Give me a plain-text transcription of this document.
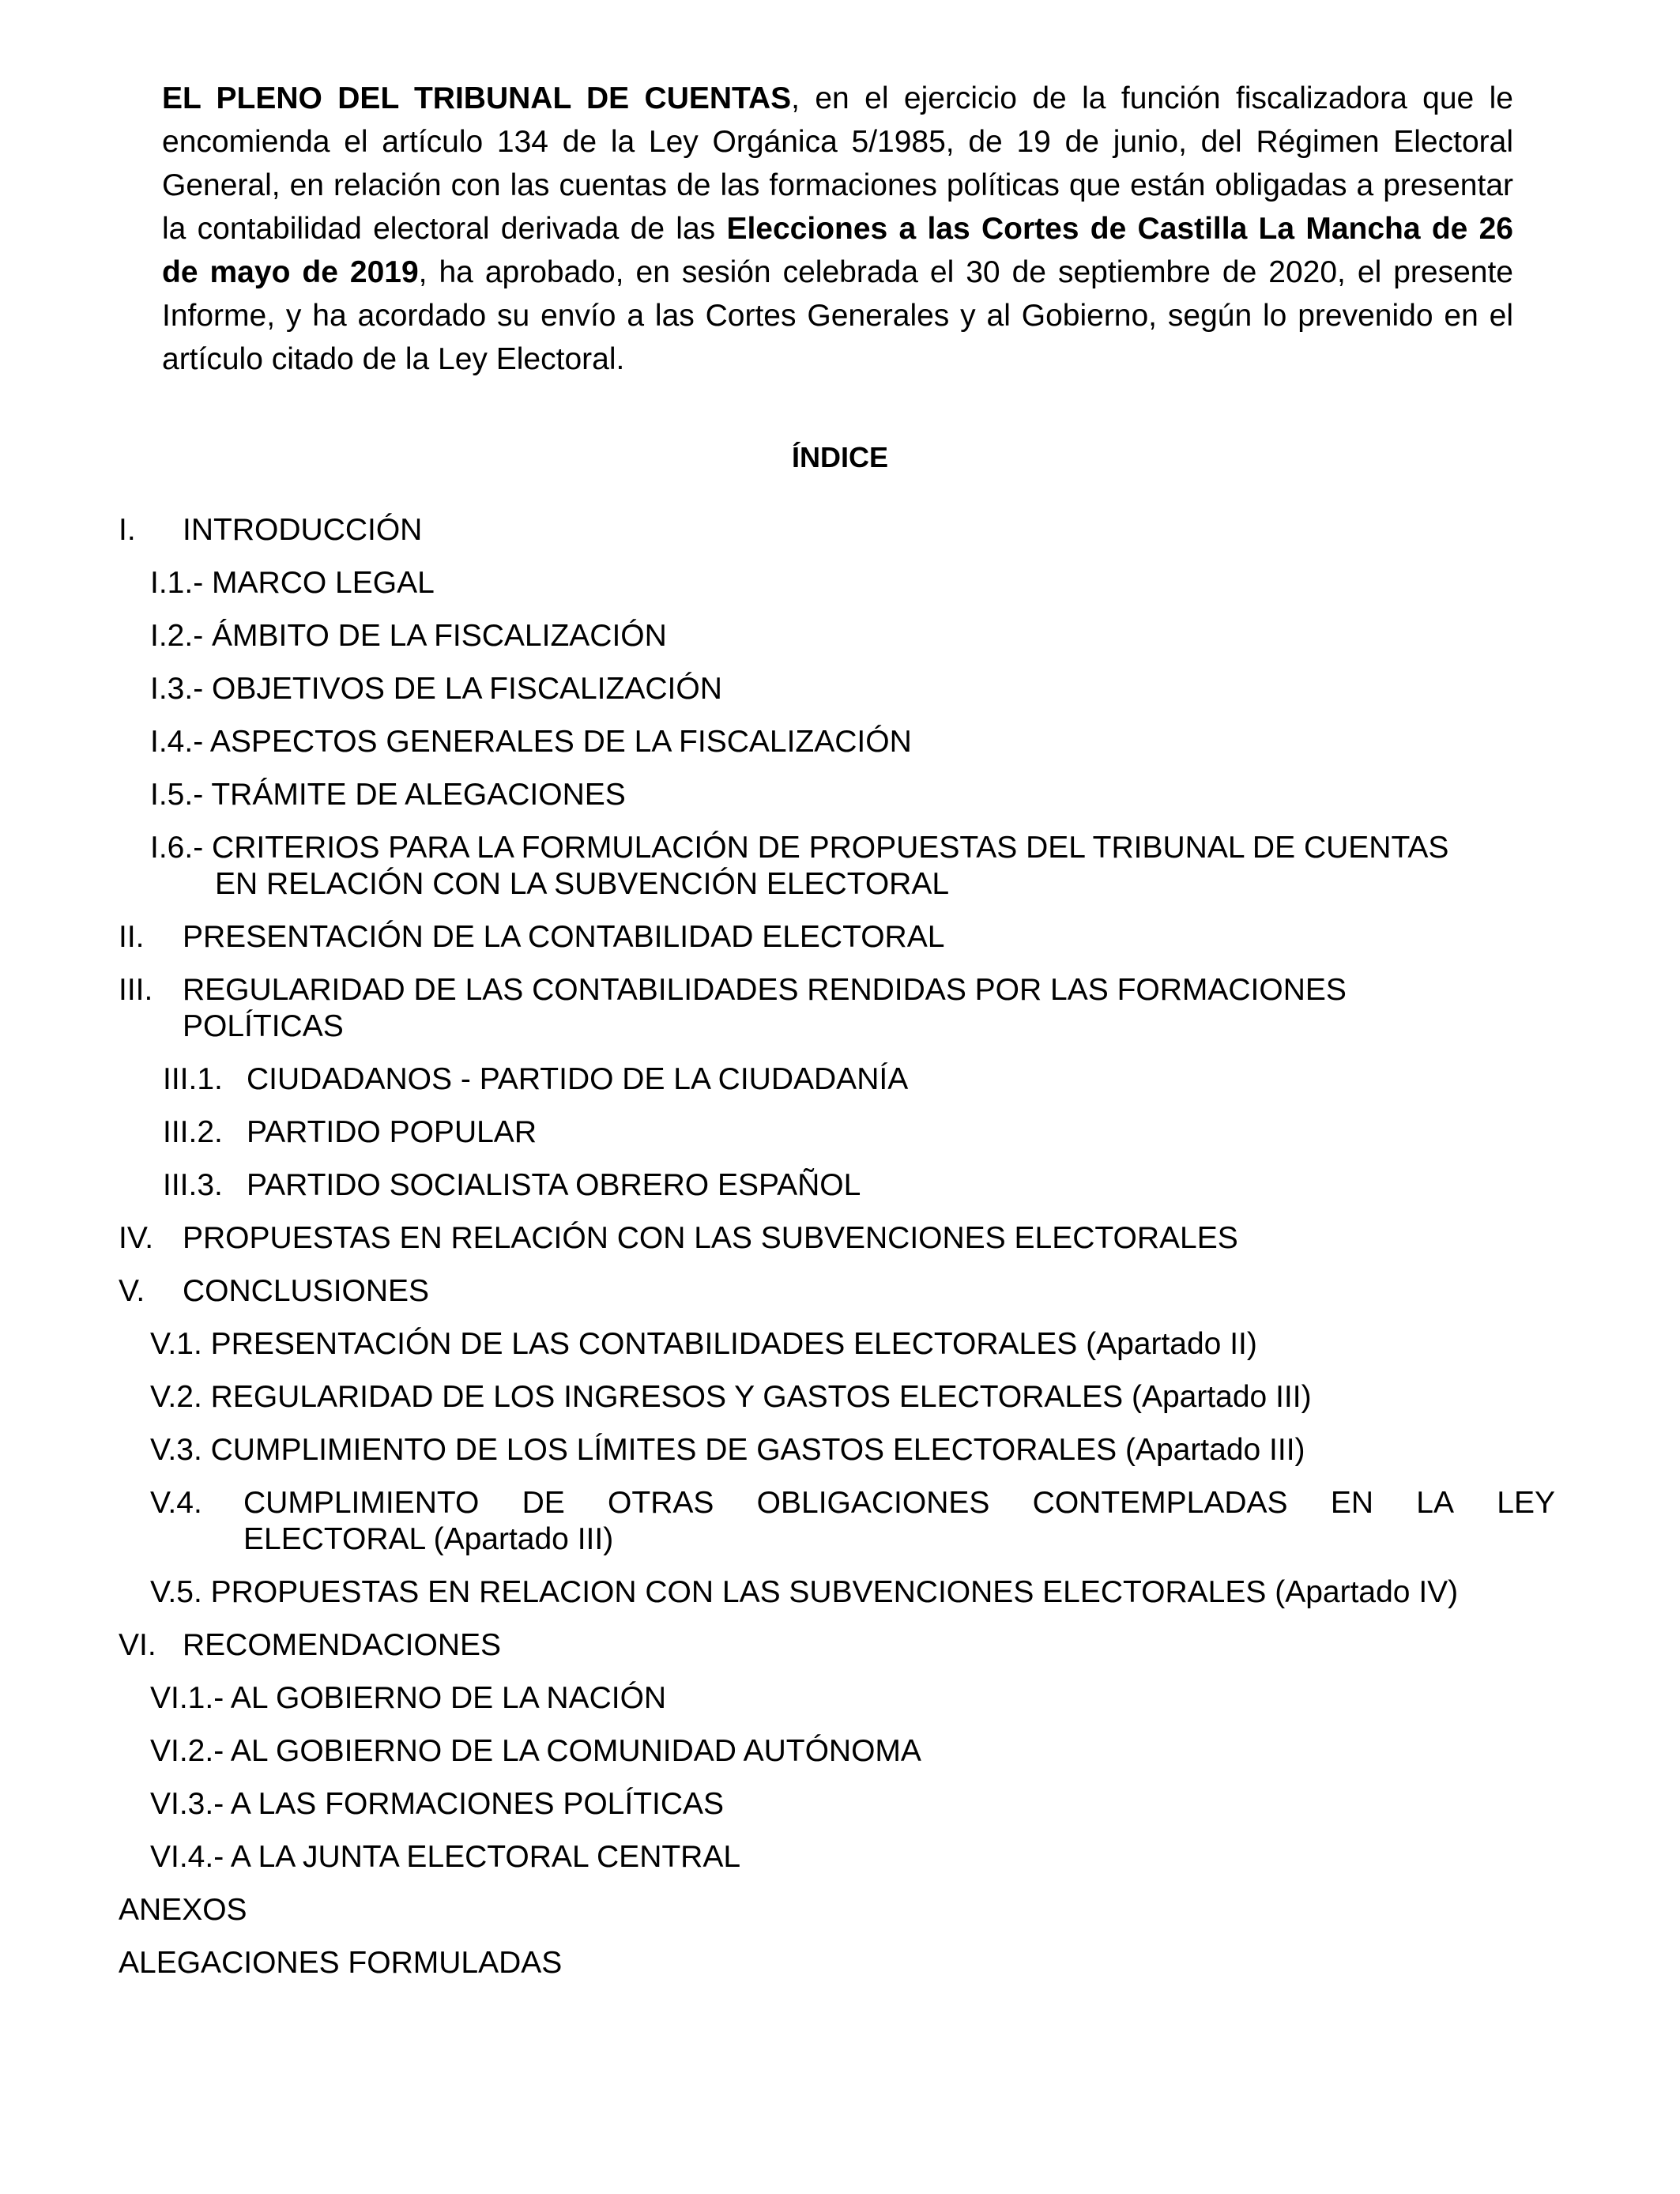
EL PLENO DEL TRIBUNAL DE CUENTAS, en el ejercicio de la función fiscalizadora que le encomienda el artículo 134 de la Ley Orgánica 5/1985, de 19 de junio, del Régimen Electoral General, en relación con las cuentas de las formaciones políticas que están obligadas a presentar la contabilidad electoral derivada de las Elecciones a las Cortes de Castilla La Mancha de 26 de mayo de 2019, ha aprobado, en sesión celebrada el 30 de septiembre de 2020, el presente Informe, y ha acordado su envío a las Cortes Generales y al Gobierno, según lo prevenido en el artículo citado de la Ley Electoral.

ÍNDICE
I. INTRODUCCIÓN
I.1.- MARCO LEGAL
I.2.- ÁMBITO DE LA FISCALIZACIÓN
I.3.- OBJETIVOS DE LA FISCALIZACIÓN
I.4.- ASPECTOS GENERALES DE LA FISCALIZACIÓN
I.5.- TRÁMITE DE ALEGACIONES
I.6.- CRITERIOS PARA LA FORMULACIÓN DE PROPUESTAS DEL TRIBUNAL DE CUENTAS
EN RELACIÓN CON LA SUBVENCIÓN ELECTORAL
II. PRESENTACIÓN DE LA CONTABILIDAD ELECTORAL
III. REGULARIDAD DE LAS CONTABILIDADES RENDIDAS POR LAS FORMACIONES
POLÍTICAS
III.1. CIUDADANOS - PARTIDO DE LA CIUDADANÍA
III.2. PARTIDO POPULAR
III.3. PARTIDO SOCIALISTA OBRERO ESPAÑOL
IV. PROPUESTAS EN RELACIÓN CON LAS SUBVENCIONES ELECTORALES
V. CONCLUSIONES
V.1. PRESENTACIÓN DE LAS CONTABILIDADES ELECTORALES (Apartado II)
V.2. REGULARIDAD DE LOS INGRESOS Y GASTOS ELECTORALES (Apartado III)
V.3. CUMPLIMIENTO DE LOS LÍMITES DE GASTOS ELECTORALES (Apartado III)
V.4. CUMPLIMIENTO DE OTRAS OBLIGACIONES CONTEMPLADAS EN LA LEY
ELECTORAL (Apartado III)
V.5. PROPUESTAS EN RELACION CON LAS SUBVENCIONES ELECTORALES (Apartado IV)
VI. RECOMENDACIONES
VI.1.- AL GOBIERNO DE LA NACIÓN
VI.2.- AL GOBIERNO DE LA COMUNIDAD AUTÓNOMA
VI.3.- A LAS FORMACIONES POLÍTICAS
VI.4.- A LA JUNTA ELECTORAL CENTRAL
ANEXOS
ALEGACIONES FORMULADAS
